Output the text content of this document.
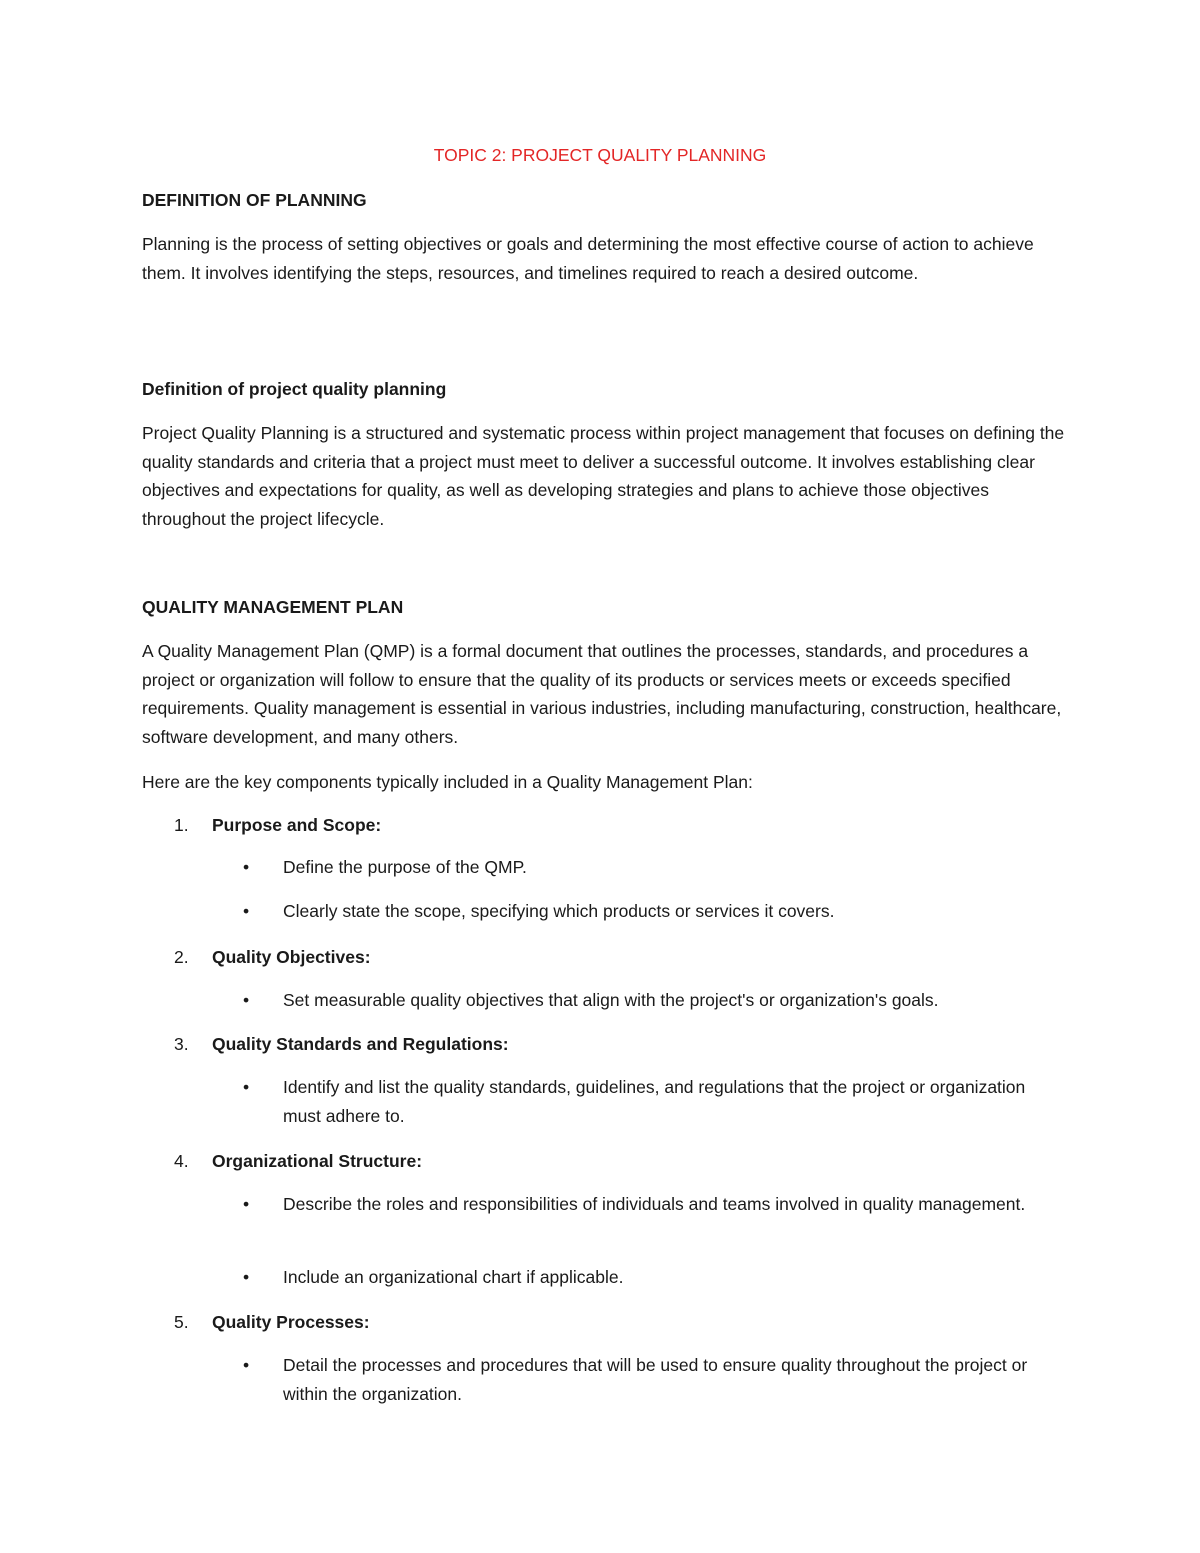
TOPIC 2: PROJECT QUALITY PLANNING

DEFINITION OF PLANNING

Planning is the process of setting objectives or goals and determining the most effective course of action to achieve them. It involves identifying the steps, resources, and timelines required to reach a desired outcome.

Definition of project quality planning

Project Quality Planning is a structured and systematic process within project management that focuses on defining the quality standards and criteria that a project must meet to deliver a successful outcome. It involves establishing clear objectives and expectations for quality, as well as developing strategies and plans to achieve those objectives throughout the project lifecycle.

QUALITY MANAGEMENT PLAN

A Quality Management Plan (QMP) is a formal document that outlines the processes, standards, and procedures a project or organization will follow to ensure that the quality of its products or services meets or exceeds specified requirements. Quality management is essential in various industries, including manufacturing, construction, healthcare, software development, and many others.

Here are the key components typically included in a Quality Management Plan:

1. Purpose and Scope:

•	Define the purpose of the QMP.
•	Clearly state the scope, specifying which products or services it covers.

2. Quality Objectives:

•	Set measurable quality objectives that align with the project's or organization's goals.

3. Quality Standards and Regulations:

•	Identify and list the quality standards, guidelines, and regulations that the project or organization must adhere to.

4. Organizational Structure:

•	Describe the roles and responsibilities of individuals and teams involved in quality management.
•	Include an organizational chart if applicable.

5. Quality Processes:

•	Detail the processes and procedures that will be used to ensure quality throughout the project or within the organization.
